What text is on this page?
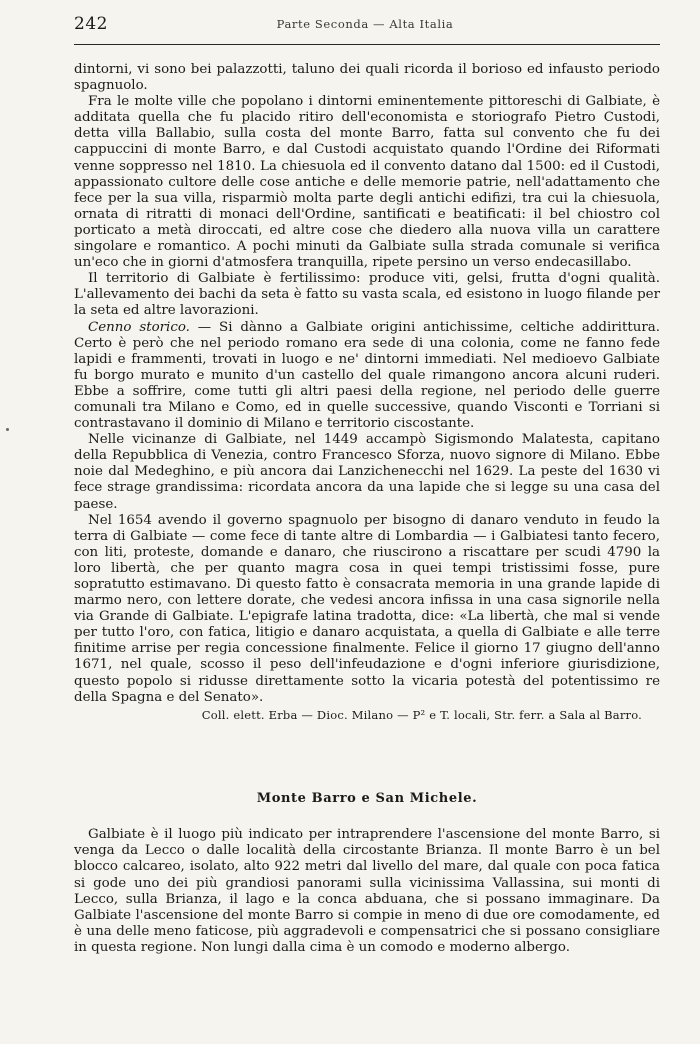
242	Parte Seconda — Alta Italia

dintorni, vi sono bei palazzotti, taluno dei quali ricorda il borioso ed infausto periodo spagnuolo.

Fra le molte ville che popolano i dintorni eminentemente pittoreschi di Galbiate, è additata quella che fu placido ritiro dell'economista e storiografo Pietro Custodi, detta villa Ballabio, sulla costa del monte Barro, fatta sul convento che fu dei cappuccini di monte Barro, e dal Custodi acquistato quando l'Ordine dei Riformati venne soppresso nel 1810. La chiesuola ed il convento datano dal 1500: ed il Custodi, appassionato cultore delle cose antiche e delle memorie patrie, nell'adattamento che fece per la sua villa, risparmiò molta parte degli antichi edifizi, tra cui la chiesuola, ornata di ritratti di monaci dell'Ordine, santificati e beatificati: il bel chiostro col porticato a metà diroccati, ed altre cose che diedero alla nuova villa un carattere singolare e romantico. A pochi minuti da Galbiate sulla strada comunale si verifica un'eco che in giorni d'atmosfera tranquilla, ripete persino un verso endecasillabo.

Il territorio di Galbiate è fertilissimo: produce viti, gelsi, frutta d'ogni qualità. L'allevamento dei bachi da seta è fatto su vasta scala, ed esistono in luogo filande per la seta ed altre lavorazioni.

Cenno storico. — Si dànno a Galbiate origini antichissime, celtiche addirittura. Certo è però che nel periodo romano era sede di una colonia, come ne fanno fede lapidi e frammenti, trovati in luogo e ne' dintorni immediati. Nel medioevo Galbiate fu borgo murato e munito d'un castello del quale rimangono ancora alcuni ruderi. Ebbe a soffrire, come tutti gli altri paesi della regione, nel periodo delle guerre comunali tra Milano e Como, ed in quelle successive, quando Visconti e Torriani si contrastavano il dominio di Milano e territorio ciscostante.

Nelle vicinanze di Galbiate, nel 1449 accampò Sigismondo Malatesta, capitano della Repubblica di Venezia, contro Francesco Sforza, nuovo signore di Milano. Ebbe noie dal Medeghino, e più ancora dai Lanzichenecchi nel 1629. La peste del 1630 vi fece strage grandissima: ricordata ancora da una lapide che si legge su una casa del paese.

Nel 1654 avendo il governo spagnuolo per bisogno di danaro venduto in feudo la terra di Galbiate — come fece di tante altre di Lombardia — i Galbiatesi tanto fecero, con liti, proteste, domande e danaro, che riuscirono a riscattare per scudi 4790 la loro libertà, che per quanto magra cosa in quei tempi tristissimi fosse, pure sopratutto estimavano. Di questo fatto è consacrata memoria in una grande lapide di marmo nero, con lettere dorate, che vedesi ancora infissa in una casa signorile nella via Grande di Galbiate. L'epigrafe latina tradotta, dice: «La libertà, che mal si vende per tutto l'oro, con fatica, litigio e danaro acquistata, a quella di Galbiate e alle terre finitime arrise per regia concessione finalmente. Felice il giorno 17 giugno dell'anno 1671, nel quale, scosso il peso dell'infeudazione e d'ogni inferiore giurisdizione, questo popolo si ridusse direttamente sotto la vicaria potestà del potentissimo re della Spagna e del Senato».

Coll. elett. Erba — Dioc. Milano — P² e T. locali, Str. ferr. a Sala al Barro.
Monte Barro e San Michele.

Galbiate è il luogo più indicato per intraprendere l'ascensione del monte Barro, si venga da Lecco o dalle località della circostante Brianza. Il monte Barro è un bel blocco calcareo, isolato, alto 922 metri dal livello del mare, dal quale con poca fatica si gode uno dei più grandiosi panorami sulla vicinissima Vallassina, sui monti di Lecco, sulla Brianza, il lago e la conca abduana, che si possano immaginare. Da Galbiate l'ascensione del monte Barro si compie in meno di due ore comodamente, ed è una delle meno faticose, più aggradevoli e compensatrici che si possano consigliare in questa regione. Non lungi dalla cima è un comodo e moderno albergo.
